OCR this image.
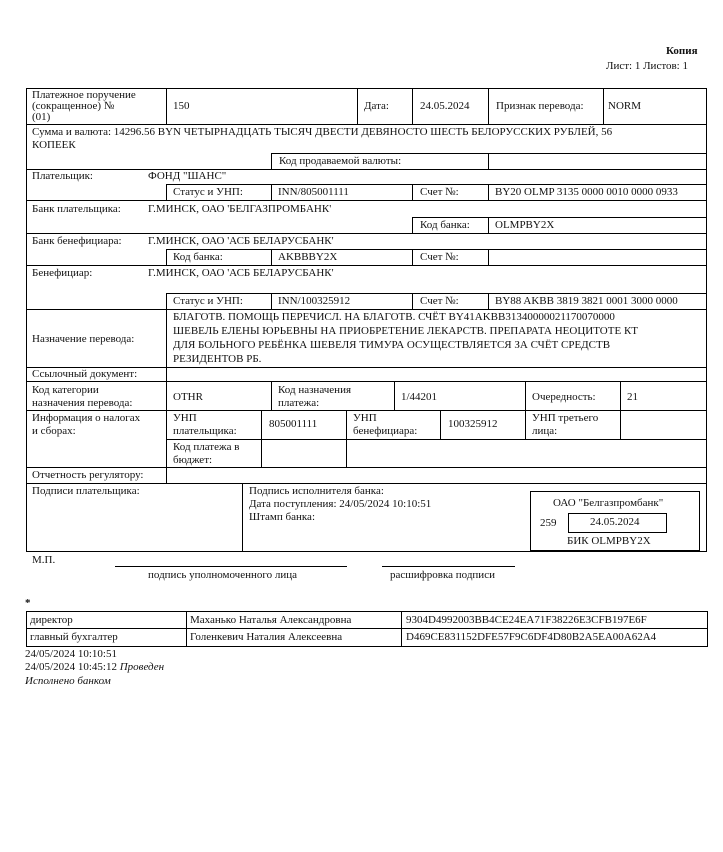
Копия
Лист: 1 Листов: 1
Платежное поручение
(сокращенное) №
(01)
150	Дата:	24.05.2024 Признак перевода: NORM
Сумма и валюта: 14296.56 BYN ЧЕТЫРНАДЦАТЬ ТЫСЯЧ ДВЕСТИ ДЕВЯНОСТО ШЕСТЬ БЕЛОРУССКИХ РУБЛЕЙ, 56
КОПЕЕК
Код продаваемой валюты:
Плательщик:	ФОНД "ШАНС"
Статус и УНП:	INN/805001111	Счет №:	BY20 OLMP 3135 0000 0010 0000 0933
Банк плательщика: Г.МИНСК, ОАО 'БЕЛГАЗПРОМБАНК'
Код банка: OLMPBY2X
Банк бенефициара: Г.МИНСК, ОАО 'АСБ БЕЛАРУСБАНК'
Код банка:	AKBBBY2X	Счет №:
Бенефициар:	Г.МИНСК, ОАО 'АСБ БЕЛАРУСБАНК'
Статус и УНП:	INN/100325912	Счет №:	BY88 AKBB 3819 3821 0001 3000 0000
Назначение перевода:
БЛАГОТВ. ПОМОЩЬ ПЕРЕЧИСЛ. НА БЛАГОТВ. СЧЁТ BY41AKBB31340000021170070000
ШЕВЕЛЬ ЕЛЕНЫ ЮРЬЕВНЫ НА ПРИОБРЕТЕНИЕ ЛЕКАРСТВ. ПРЕПАРАТА НЕОЦИТОТЕ КТ
ДЛЯ БОЛЬНОГО РЕБЁНКА ШЕВЕЛЯ ТИМУРА ОСУЩЕСТВЛЯЕТСЯ ЗА СЧЁТ СРЕДСТВ
РЕЗИДЕНТОВ РБ.
Ссылочный документ:
Код категории
назначения перевода:	OTHR
Код назначения
платежа:	1/44201	Очередность:	21
Информация о налогах
и сборах:
УНП
плательщика:
805001111	УНП
бенефициара:
100325912	УНП третьего
лица:
Код платежа в
бюджет:
Отчетность регулятору:
Подписи плательщика:	Подпись исполнителя банка:
Дата поступления: 24/05/2024 10:10:51
Штамп банка:
ОАО "Белгазпромбанк"
259	24.05.2024
БИК OLMPBY2X
М.П.
подпись уполномоченного лица	расшифровка подписи
*
директор	Маханько Наталья Александровна	9304D4992003BB4CE24EA71F38226E3CFB197E6F
главный бухгалтер	Голенкевич Наталия Алексеевна	D469CE831152DFE57F9C6DF4D80B2A5EA00A62A4
24/05/2024 10:10:51
24/05/2024 10:45:12 Проведен
Исполнено банком
